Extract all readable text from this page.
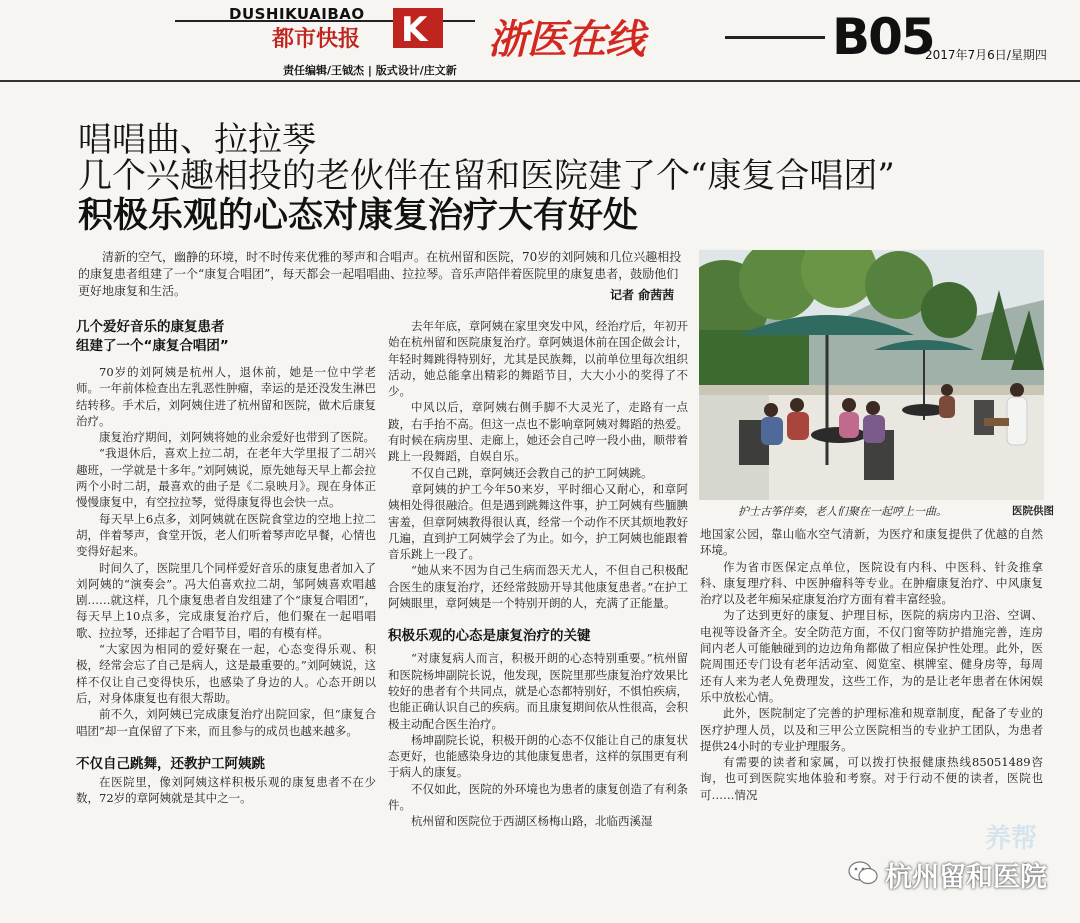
DUSHIKUAIBAO
都市快报 K 浙医在线	B05
2017年7月6日/星期四
责任编辑/王钺杰 | 版式设计/庄文新
唱唱曲、拉拉琴
几个兴趣相投的老伙伴在留和医院建了个“康复合唱团”
积极乐观的心态对康复治疗大有好处
清新的空气，幽静的环境，时不时传来优雅的琴声和合唱声。在杭州留和医院，70岁的刘阿姨和几位兴趣相投的康复患者组建了一个“康复合唱团”，每天都会一起唱唱曲、拉拉琴。音乐声陪伴着医院里的康复患者，鼓励他们更好地康复和生活。	记者 俞茜茜
几个爱好音乐的康复患者
组建了一个“康复合唱团”

70岁的刘阿姨是杭州人，退休前，她是一位中学老师。一年前体检查出左乳恶性肿瘤，幸运的是还没发生淋巴结转移。手术后，刘阿姨住进了杭州留和医院，做术后康复治疗。

康复治疗期间，刘阿姨将她的业余爱好也带到了医院。

“我退休后，喜欢上拉二胡，在老年大学里报了二胡兴趣班，一学就是十多年。”刘阿姨说，原先她每天早上都会拉两个小时二胡，最喜欢的曲子是《二泉映月》。现在身体正慢慢康复中，有空拉拉琴，觉得康复得也会快一点。

每天早上6点多，刘阿姨就在医院食堂边的空地上拉二胡，伴着琴声，食堂开饭，老人们听着琴声吃早餐，心情也变得好起来。

时间久了，医院里几个同样爱好音乐的康复患者加入了刘阿姨的“演奏会”。冯大伯喜欢拉二胡，邹阿姨喜欢唱越剧……就这样，几个康复患者自发组建了个“康复合唱团”，每天早上10点多，完成康复治疗后，他们聚在一起唱唱歌、拉拉琴，还排起了合唱节目，唱的有模有样。

“大家因为相同的爱好聚在一起，心态变得乐观、积极，经常会忘了自己是病人，这是最重要的。”刘阿姨说，这样不仅让自己变得快乐，也感染了身边的人。心态开朗以后，对身体康复也有很大帮助。

前不久，刘阿姨已完成康复治疗出院回家，但“康复合唱团”却一直保留了下来，而且参与的成员也越来越多。

不仅自己跳舞，还教护工阿姨跳

在医院里，像刘阿姨这样积极乐观的康复患者不在少数，72岁的章阿姨就是其中之一。

去年年底，章阿姨在家里突发中风，经治疗后，年初开始在杭州留和医院康复治疗。章阿姨退休前在国企做会计，年轻时舞跳得特别好，尤其是民族舞，以前单位里每次组织活动，她总能拿出精彩的舞蹈节目，大大小小的奖得了不少。

中风以后，章阿姨右侧手脚不大灵光了，走路有一点跛，右手抬不高。但这一点也不影响章阿姨对舞蹈的热爱。有时候在病房里、走廊上，她还会自己哼一段小曲，顺带着跳上一段舞蹈，自娱自乐。

不仅自己跳，章阿姨还会教自己的护工阿姨跳。

章阿姨的护工今年50来岁，平时细心又耐心，和章阿姨相处得很融洽。但是遇到跳舞这件事，护工阿姨有些腼腆害羞，但章阿姨教得很认真，经常一个动作不厌其烦地教好几遍，直到护工阿姨学会了为止。如今，护工阿姨也能跟着音乐跳上一段了。

“她从来不因为自己生病而怨天尤人，不但自己积极配合医生的康复治疗，还经常鼓励开导其他康复患者。”在护工阿姨眼里，章阿姨是一个特别开朗的人，充满了正能量。

积极乐观的心态是康复治疗的关键

“对康复病人而言，积极开朗的心态特别重要。”杭州留和医院杨坤副院长说，他发现，医院里那些康复治疗效果比较好的患者有个共同点，就是心态都特别好，不惧怕疾病，也能正确认识自己的疾病。而且康复期间依从性很高，会积极主动配合医生治疗。

杨坤副院长说，积极开朗的心态不仅能让自己的康复状态更好，也能感染身边的其他康复患者，这样的氛围更有利于病人的康复。

不仅如此，医院的外环境也为患者的康复创造了有利条件。

杭州留和医院位于西湖区杨梅山路，北临西溪湿

护士古筝伴奏，老人们聚在一起哼上一曲。	医院供图

地国家公园，靠山临水空气清新，为医疗和康复提供了优越的自然环境。

作为省市医保定点单位，医院设有内科、中医科、针灸推拿科、康复理疗科、中医肿瘤科等专业。在肿瘤康复治疗、中风康复治疗以及老年痴呆症康复治疗方面有着丰富经验。

为了达到更好的康复、护理目标，医院的病房内卫浴、空调、电视等设备齐全。安全防范方面，不仅门窗等防护措施完善，连房间内老人可能触碰到的边边角角都做了相应保护性处理。此外，医院周围还专门设有老年活动室、阅览室、棋牌室、健身房等，每周还有人来为老人免费理发，这些工作，为的是让老年患者在休闲娱乐中放松心情。

此外，医院制定了完善的护理标准和规章制度，配备了专业的医疗护理人员，以及和三甲公立医院相当的专业护工团队，为患者提供24小时的专业护理服务。

有需要的读者和家属，可以拨打快报健康热线85051489咨询，也可到医院实地体验和考察。对于行动不便的读者，医院也可……情况

养帮
杭州留和医院
